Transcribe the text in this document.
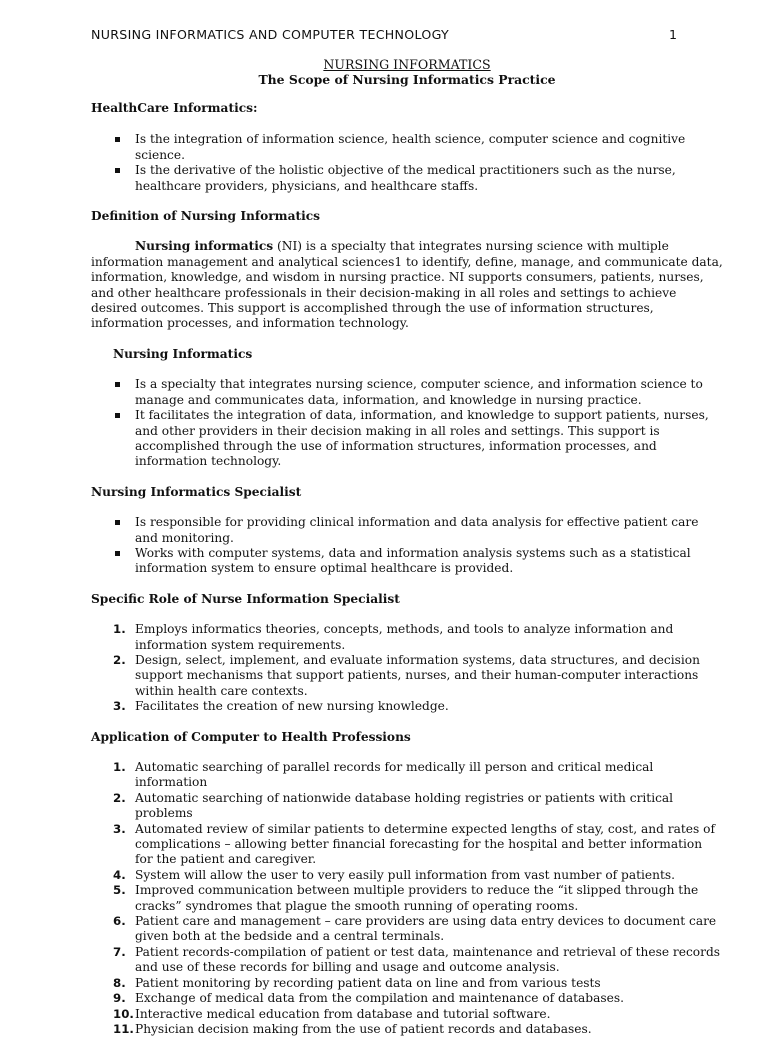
NURSING INFORMATICS AND COMPUTER TECHNOLOGY	1
NURSING INFORMATICS
The Scope of Nursing Informatics Practice

HealthCare Informatics:

Is the integration of information science, health science, computer science and cognitive science.
Is the derivative of the holistic objective of the medical practitioners such as the nurse, healthcare providers, physicians, and healthcare staffs.

Definition of Nursing Informatics

Nursing informatics (NI) is a specialty that integrates nursing science with multiple information management and analytical sciences1 to identify, define, manage, and communicate data, information, knowledge, and wisdom in nursing practice. NI supports consumers, patients, nurses, and other healthcare professionals in their decision-making in all roles and settings to achieve desired outcomes. This support is accomplished through the use of information structures, information processes, and information technology.

Nursing Informatics

Is a specialty that integrates nursing science, computer science, and information science to manage and communicates data, information, and knowledge in nursing practice.
It facilitates the integration of data, information, and knowledge to support patients, nurses, and other providers in their decision making in all roles and settings. This support is accomplished through the use of information structures, information processes, and information technology.

Nursing Informatics Specialist

Is responsible for providing clinical information and data analysis for effective patient care and monitoring.
Works with computer systems, data and information analysis systems such as a statistical information system to ensure optimal healthcare is provided.

Specific Role of Nurse Information Specialist

1. Employs informatics theories, concepts, methods, and tools to analyze information and information system requirements.
2. Design, select, implement, and evaluate information systems, data structures, and decision support mechanisms that support patients, nurses, and their human-computer interactions within health care contexts.
3. Facilitates the creation of new nursing knowledge.

Application of Computer to Health Professions

1. Automatic searching of parallel records for medically ill person and critical medical information
2. Automatic searching of nationwide database holding registries or patients with critical problems
3. Automated review of similar patients to determine expected lengths of stay, cost, and rates of complications – allowing better financial forecasting for the hospital and better information for the patient and caregiver.
4. System will allow the user to very easily pull information from vast number of patients.
5. Improved communication between multiple providers to reduce the “it slipped through the cracks” syndromes that plague the smooth running of operating rooms.
6. Patient care and management – care providers are using data entry devices to document care given both at the bedside and a central terminals.
7. Patient records-compilation of patient or test data, maintenance and retrieval of these records and use of these records for billing and usage and outcome analysis.
8. Patient monitoring by recording patient data on line and from various tests
9. Exchange of medical data from the compilation and maintenance of databases.
10. Interactive medical education from database and tutorial software.
11. Physician decision making from the use of patient records and databases.
